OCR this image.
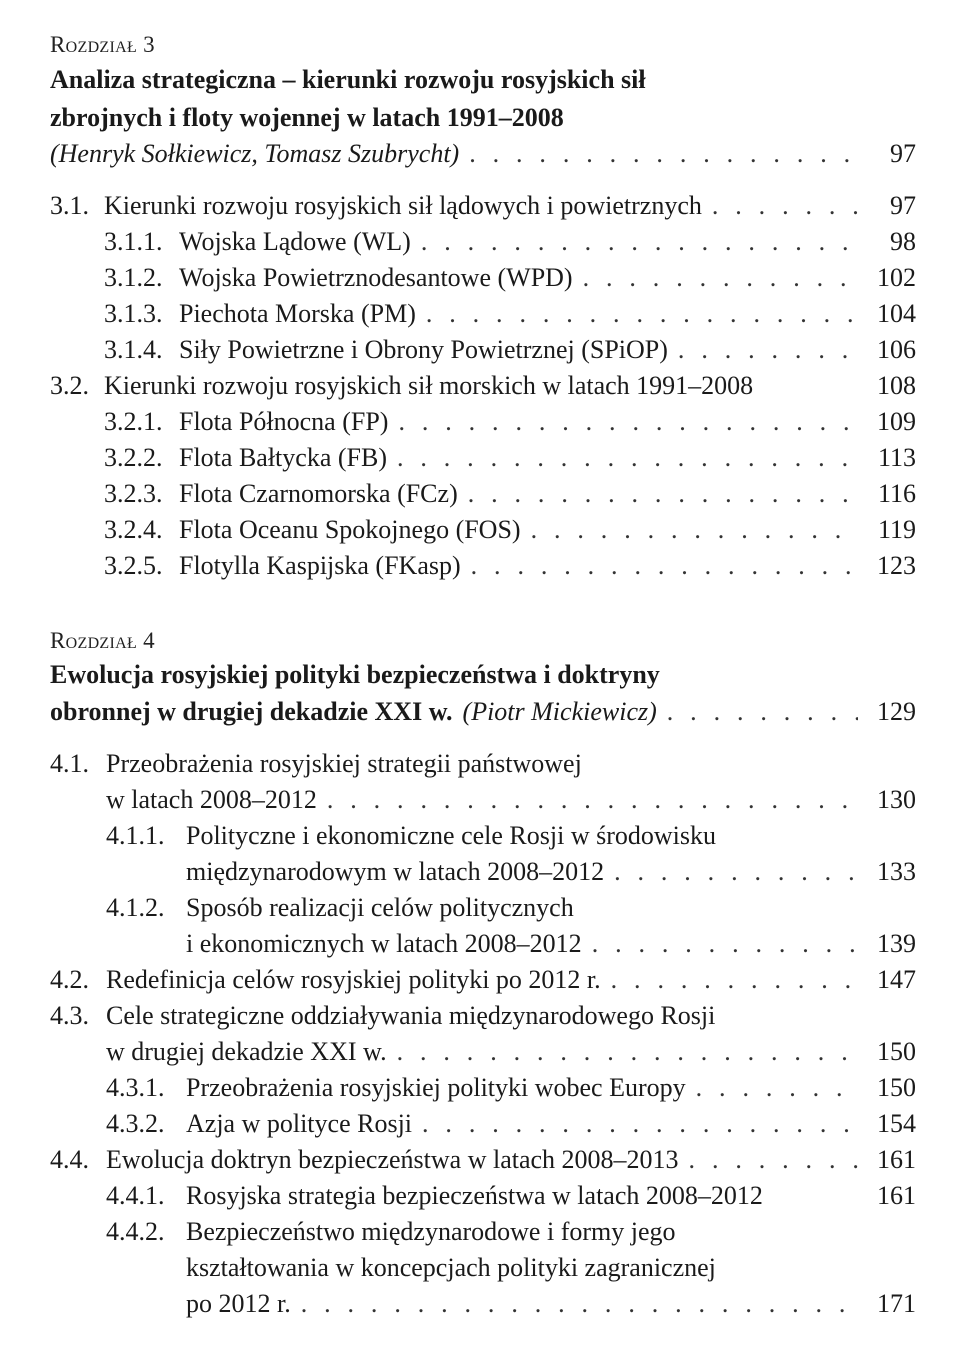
Rozdział 3
Analiza strategiczna – kierunki rozwoju rosyjskich sił
zbrojnych i floty wojennej w latach 1991–2008
(Henryk Sołkiewicz, Tomasz Szubrycht) . . .	97
3.1. Kierunki rozwoju rosyjskich sił lądowych i powietrznych . . .	97
3.1.1. Wojska Lądowe (WL) . . .	98
3.1.2. Wojska Powietrznodesantowe (WPD) . . .	102
3.1.3. Piechota Morska (PM) . . .	104
3.1.4. Siły Powietrzne i Obrony Powietrznej (SPiOP) . . .	106
3.2. Kierunki rozwoju rosyjskich sił morskich w latach 1991–2008	108
3.2.1. Flota Północna (FP) . . .	109
3.2.2. Flota Bałtycka (FB) . . .	113
3.2.3. Flota Czarnomorska (FCz) . . .	116
3.2.4. Flota Oceanu Spokojnego (FOS) . . .	119
3.2.5. Flotylla Kaspijska (FKasp) . . .	123
Rozdział 4
Ewolucja rosyjskiej polityki bezpieczeństwa i doktryny
obronnej w drugiej dekadzie XXI w. (Piotr Mickiewicz) . . .	129
4.1. Przeobrażenia rosyjskiej strategii państwowej
w latach 2008–2012 . . .	130
4.1.1. Polityczne i ekonomiczne cele Rosji w środowisku
międzynarodowym w latach 2008–2012 . . .	133
4.1.2. Sposób realizacji celów politycznych
i ekonomicznych w latach 2008–2012 . . .	139
4.2. Redefinicja celów rosyjskiej polityki po 2012 r. . . .	147
4.3. Cele strategiczne oddziaływania międzynarodowego Rosji
w drugiej dekadzie XXI w. . . .	150
4.3.1. Przeobrażenia rosyjskiej polityki wobec Europy . . .	150
4.3.2. Azja w polityce Rosji . . .	154
4.4. Ewolucja doktryn bezpieczeństwa w latach 2008–2013 . . .	161
4.4.1. Rosyjska strategia bezpieczeństwa w latach 2008–2012	161
4.4.2. Bezpieczeństwo międzynarodowe i formy jego
kształtowania w koncepcjach polityki zagranicznej
po 2012 r. . . .	171
